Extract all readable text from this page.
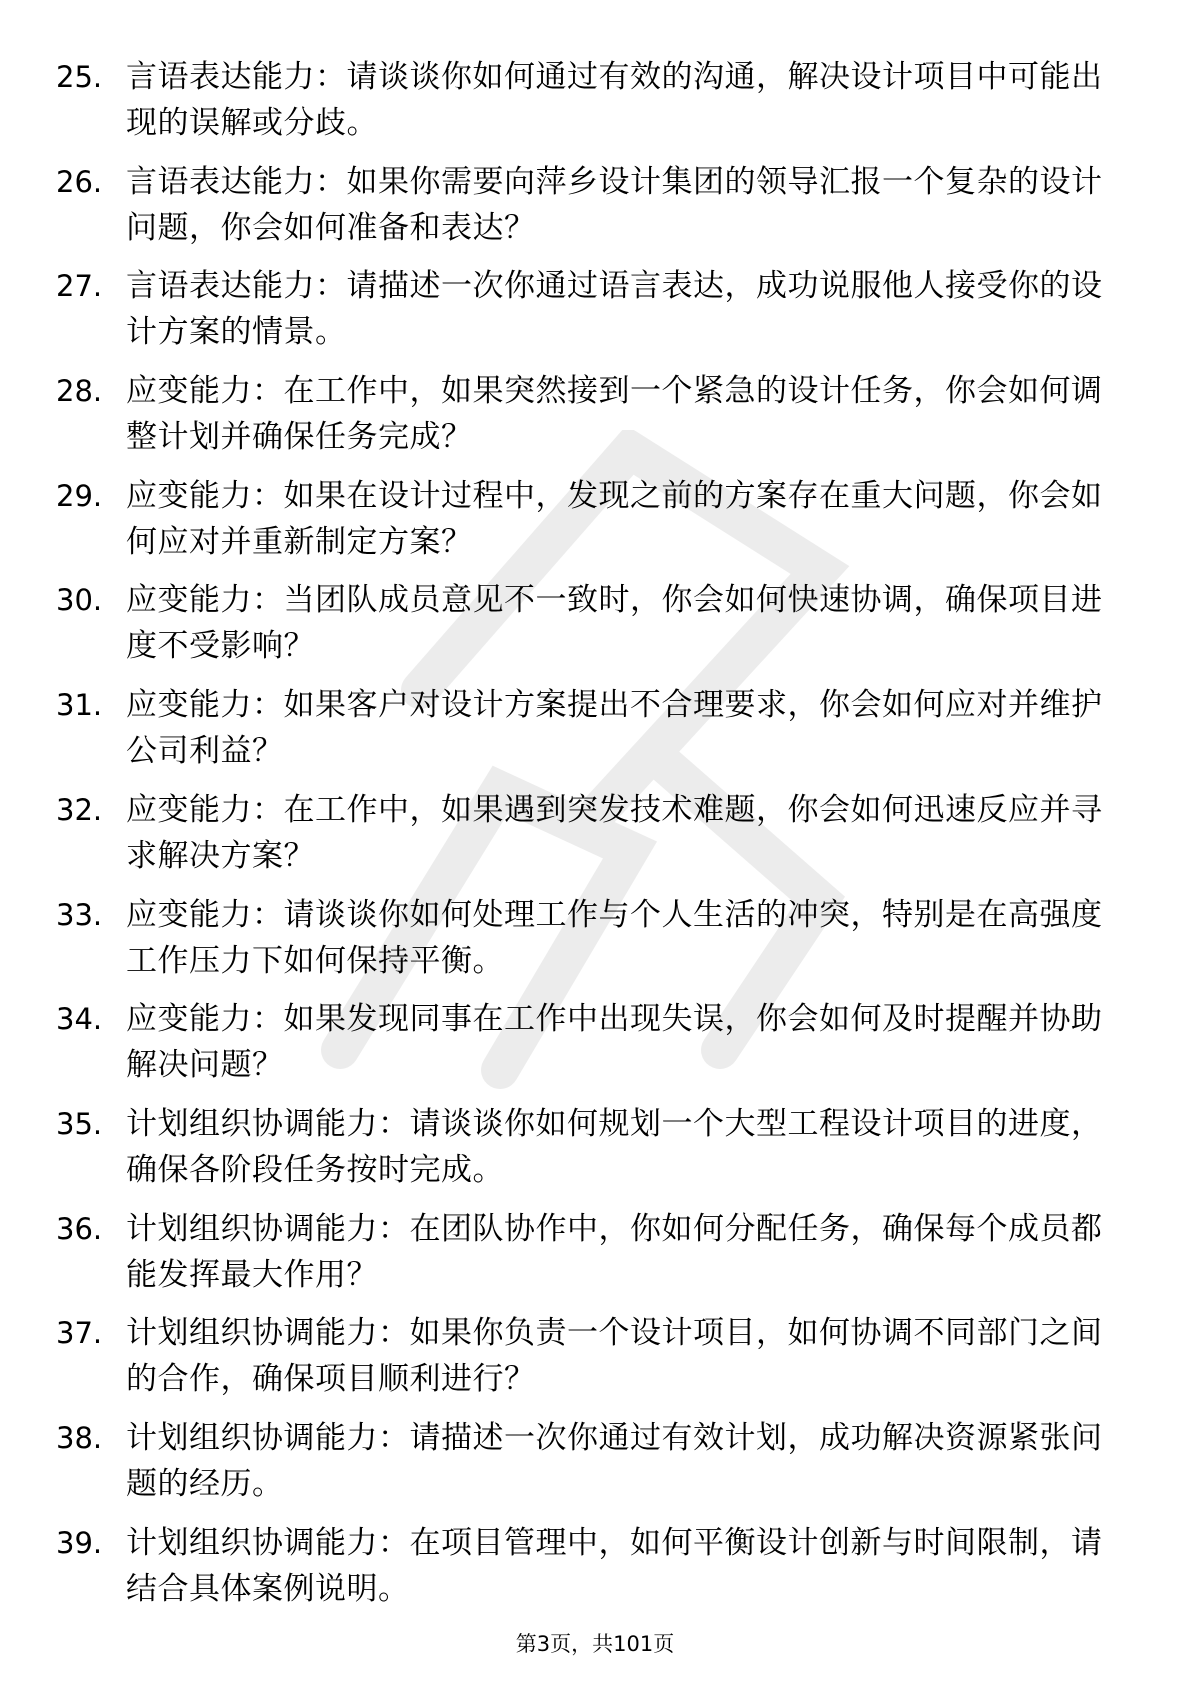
25. 言语表达能力：请谈谈你如何通过有效的沟通，解决设计项目中可能出现的误解或分歧。
26. 言语表达能力：如果你需要向萍乡设计集团的领导汇报一个复杂的设计问题，你会如何准备和表达？
27. 言语表达能力：请描述一次你通过语言表达，成功说服他人接受你的设计方案的情景。
28. 应变能力：在工作中，如果突然接到一个紧急的设计任务，你会如何调整计划并确保任务完成？
29. 应变能力：如果在设计过程中，发现之前的方案存在重大问题，你会如何应对并重新制定方案？
30. 应变能力：当团队成员意见不一致时，你会如何快速协调，确保项目进度不受影响？
31. 应变能力：如果客户对设计方案提出不合理要求，你会如何应对并维护公司利益？
32. 应变能力：在工作中，如果遇到突发技术难题，你会如何迅速反应并寻求解决方案？
33. 应变能力：请谈谈你如何处理工作与个人生活的冲突，特别是在高强度工作压力下如何保持平衡。
34. 应变能力：如果发现同事在工作中出现失误，你会如何及时提醒并协助解决问题？
35. 计划组织协调能力：请谈谈你如何规划一个大型工程设计项目的进度，确保各阶段任务按时完成。
36. 计划组织协调能力：在团队协作中，你如何分配任务，确保每个成员都能发挥最大作用？
37. 计划组织协调能力：如果你负责一个设计项目，如何协调不同部门之间的合作，确保项目顺利进行？
38. 计划组织协调能力：请描述一次你通过有效计划，成功解决资源紧张问题的经历。
39. 计划组织协调能力：在项目管理中，如何平衡设计创新与时间限制，请结合具体案例说明。
第3页，共101页
